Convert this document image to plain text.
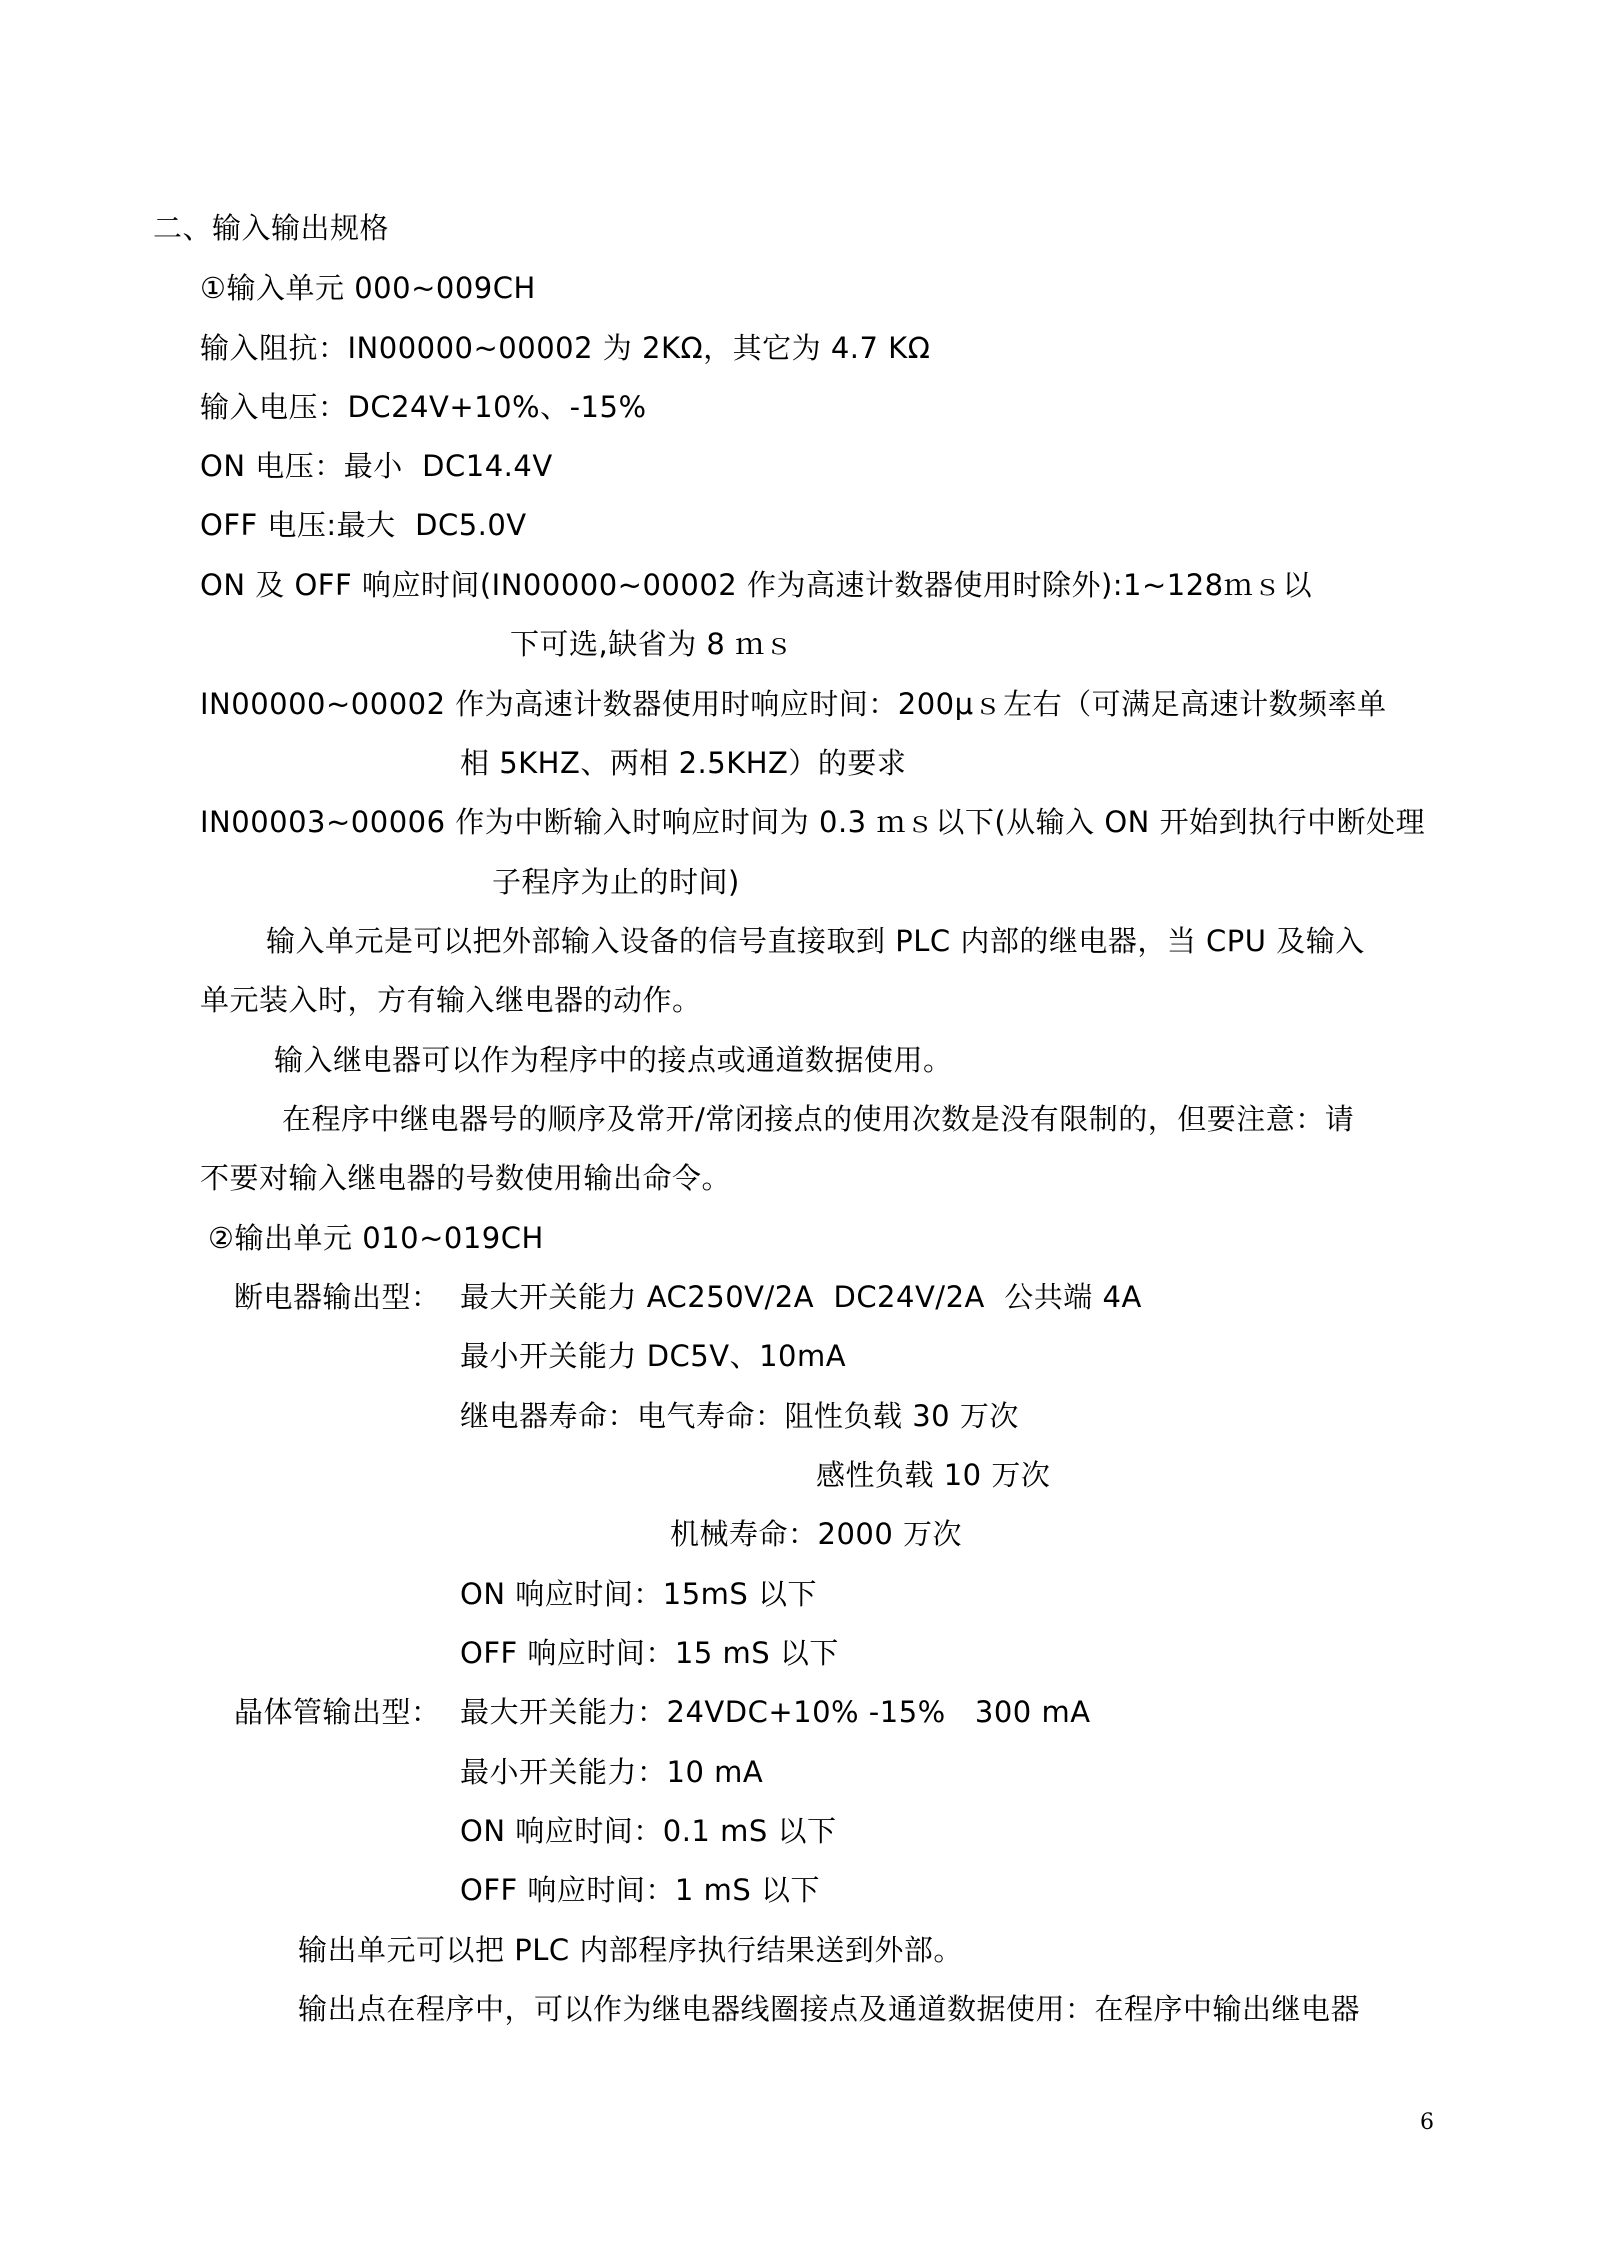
二、输入输出规格

①输入单元 000~009CH

输入阻抗：IN00000~00002 为 2KΩ，其它为 4.7 KΩ

输入电压：DC24V+10%、-15%

ON 电压：最小  DC14.4V

OFF 电压:最大  DC5.0V

ON 及 OFF 响应时间(IN00000~00002 作为高速计数器使用时除外):1~128ｍｓ以

下可选,缺省为 8 ｍｓ

IN00000~00002 作为高速计数器使用时响应时间：200μｓ左右（可满足高速计数频率单

相 5KHZ、两相 2.5KHZ）的要求

IN00003~00006 作为中断输入时响应时间为 0.3 ｍｓ以下(从输入 ON 开始到执行中断处理

子程序为止的时间)

输入单元是可以把外部输入设备的信号直接取到 PLC 内部的继电器，当 CPU 及输入

单元装入时，方有输入继电器的动作。

输入继电器可以作为程序中的接点或通道数据使用。

在程序中继电器号的顺序及常开/常闭接点的使用次数是没有限制的，但要注意：请

不要对输入继电器的号数使用输出命令。

②输出单元 010~019CH

断电器输出型： 最大开关能力 AC250V/2A  DC24V/2A  公共端 4A

最小开关能力 DC5V、10mA

继电器寿命：电气寿命：阻性负载 30 万次

感性负载 10 万次

机械寿命：2000 万次

ON 响应时间：15mS 以下

OFF 响应时间：15 mS 以下

晶体管输出型： 最大开关能力：24VDC+10% -15%   300 mA

最小开关能力：10 mA

ON 响应时间：0.1 mS 以下

OFF 响应时间：1 mS 以下

输出单元可以把 PLC 内部程序执行结果送到外部。

输出点在程序中，可以作为继电器线圈接点及通道数据使用：在程序中输出继电器

6
